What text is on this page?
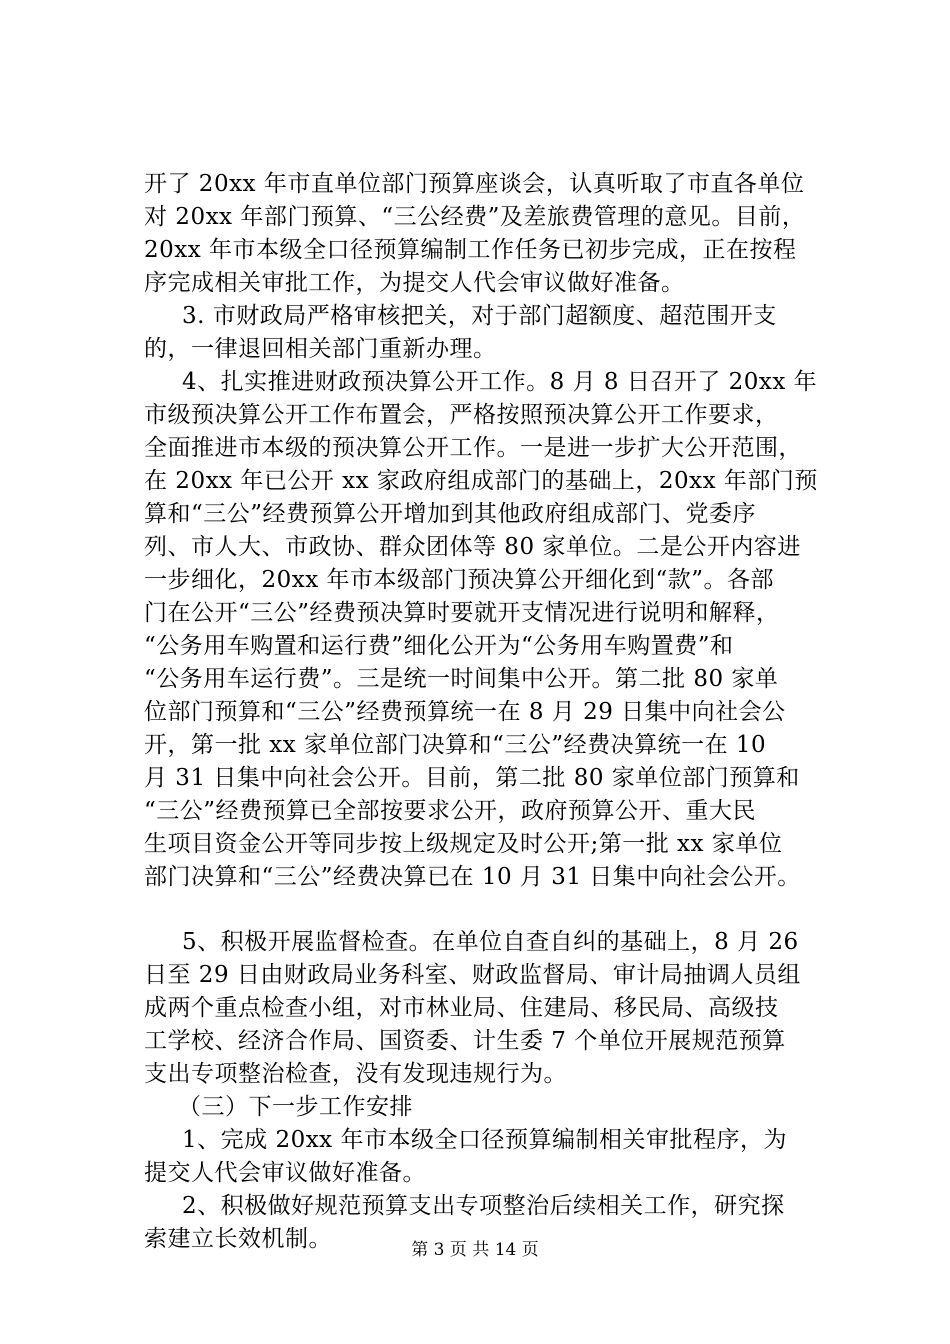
开了 20xx 年市直单位部门预算座谈会，认真听取了市直各单位
对 20xx 年部门预算、“三公经费”及差旅费管理的意见。目前，
20xx 年市本级全口径预算编制工作任务已初步完成，正在按程
序完成相关审批工作，为提交人代会审议做好准备。
3. 市财政局严格审核把关，对于部门超额度、超范围开支
的，一律退回相关部门重新办理。
4、扎实推进财政预决算公开工作。8 月 8 日召开了 20xx 年
市级预决算公开工作布置会，严格按照预决算公开工作要求，
全面推进市本级的预决算公开工作。一是进一步扩大公开范围，
在 20xx 年已公开 xx 家政府组成部门的基础上，20xx 年部门预
算和“三公”经费预算公开增加到其他政府组成部门、党委序
列、市人大、市政协、群众团体等 80 家单位。二是公开内容进
一步细化，20xx 年市本级部门预决算公开细化到“款”。各部
门在公开“三公”经费预决算时要就开支情况进行说明和解释，
“公务用车购置和运行费”细化公开为“公务用车购置费”和
“公务用车运行费”。三是统一时间集中公开。第二批 80 家单
位部门预算和“三公”经费预算统一在 8 月 29 日集中向社会公
开，第一批 xx 家单位部门决算和“三公”经费决算统一在 10
月 31 日集中向社会公开。目前，第二批 80 家单位部门预算和
“三公”经费预算已全部按要求公开，政府预算公开、重大民
生项目资金公开等同步按上级规定及时公开;第一批 xx 家单位
部门决算和“三公”经费决算已在 10 月 31 日集中向社会公开。
5、积极开展监督检查。在单位自查自纠的基础上，8 月 26
日至 29 日由财政局业务科室、财政监督局、审计局抽调人员组
成两个重点检查小组，对市林业局、住建局、移民局、高级技
工学校、经济合作局、国资委、计生委 7 个单位开展规范预算
支出专项整治检查，没有发现违规行为。
（三）下一步工作安排
1、完成 20xx 年市本级全口径预算编制相关审批程序，为
提交人代会审议做好准备。
2、积极做好规范预算支出专项整治后续相关工作，研究探
索建立长效机制。	第 3 页 共 14 页
